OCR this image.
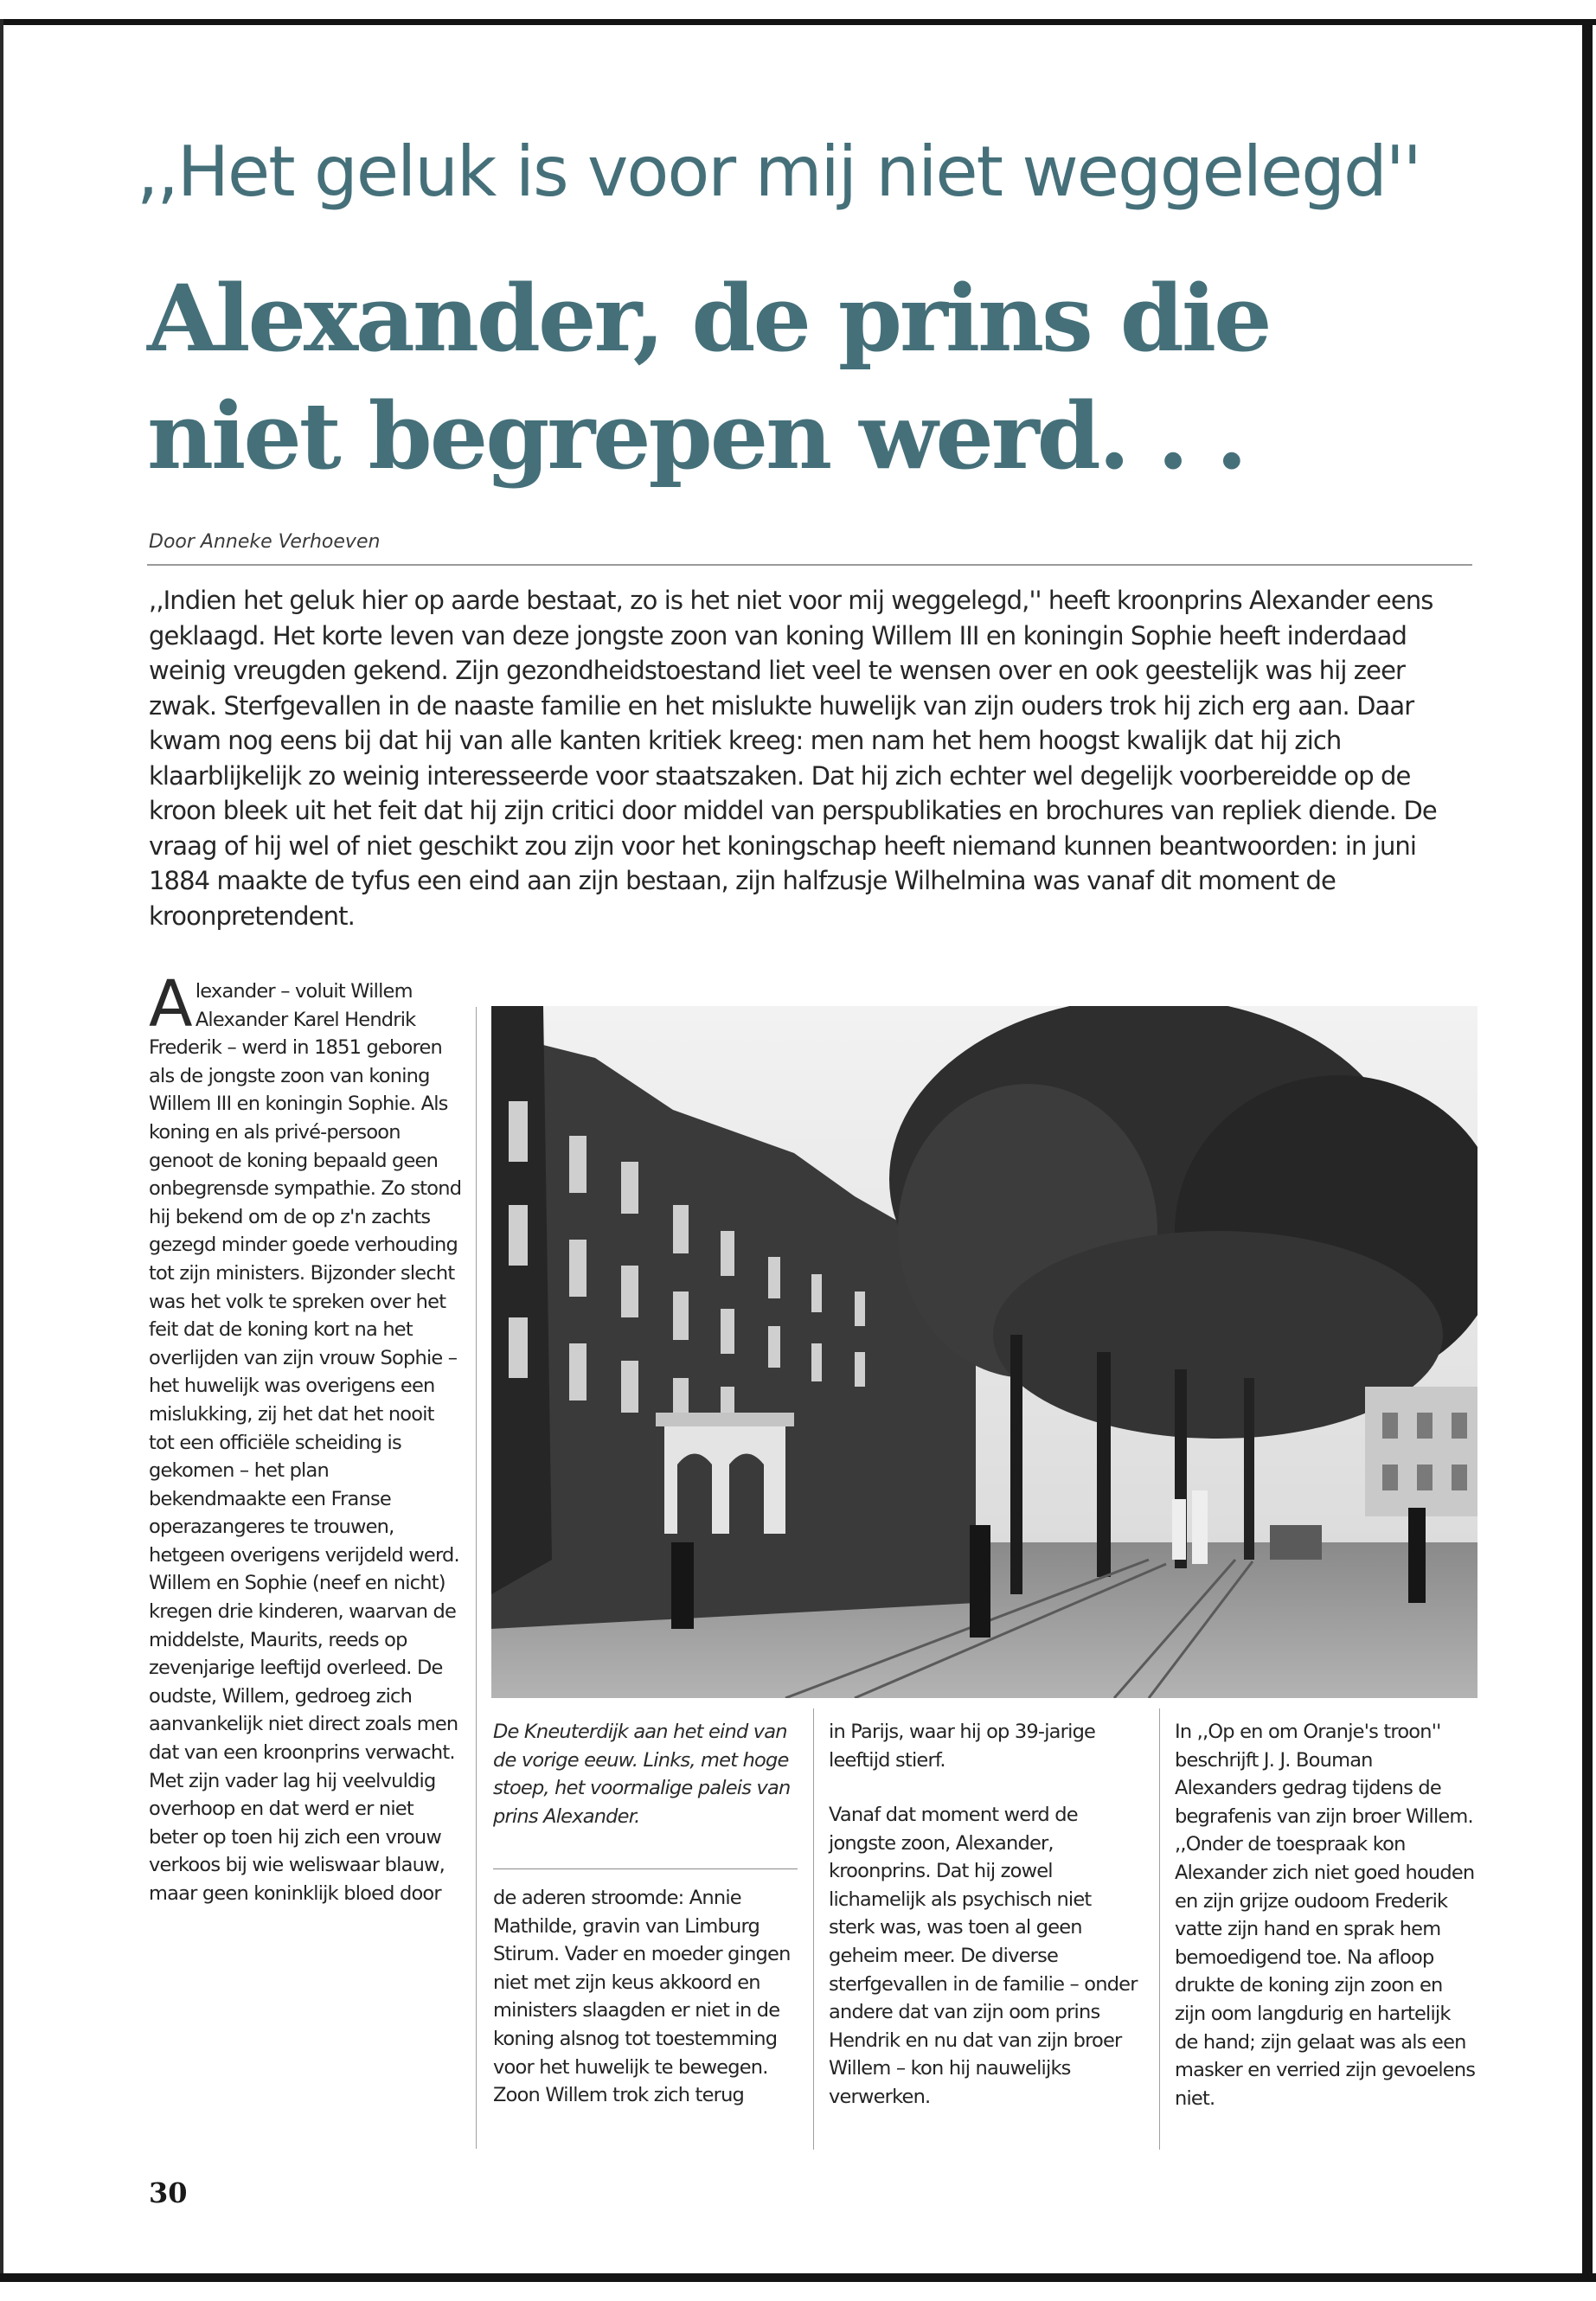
,,Het geluk is voor mij niet weggelegd''
Alexander, de prins die niet begrepen werd. . .
Door Anneke Verhoeven

,,Indien het geluk hier op aarde bestaat, zo is het niet voor mij weggelegd,'' heeft kroonprins Alexander eens geklaagd. Het korte leven van deze jongste zoon van koning Willem III en koningin Sophie heeft inderdaad weinig vreugden gekend. Zijn gezondheidstoestand liet veel te wensen over en ook geestelijk was hij zeer zwak. Sterfgevallen in de naaste familie en het mislukte huwelijk van zijn ouders trok hij zich erg aan. Daar kwam nog eens bij dat hij van alle kanten kritiek kreeg: men nam het hem hoogst kwalijk dat hij zich klaarblijkelijk zo weinig interesseerde voor staatszaken. Dat hij zich echter wel degelijk voorbereidde op de kroon bleek uit het feit dat hij zijn critici door middel van perspublikaties en brochures van repliek diende. De vraag of hij wel of niet geschikt zou zijn voor het koningschap heeft niemand kunnen beantwoorden: in juni 1884 maakte de tyfus een eind aan zijn bestaan, zijn halfzusje Wilhelmina was vanaf dit moment de kroonpretendent.

Alexander – voluit Willem Alexander Karel Hendrik Frederik – werd in 1851 geboren als de jongste zoon van koning Willem III en koningin Sophie. Als koning en als privé-persoon genoot de koning bepaald geen onbegrensde sympathie. Zo stond hij bekend om de op z'n zachts gezegd minder goede verhouding tot zijn ministers. Bijzonder slecht was het volk te spreken over het feit dat de koning kort na het overlijden van zijn vrouw Sophie – het huwelijk was overigens een mislukking, zij het dat het nooit tot een officiële scheiding is gekomen – het plan bekendmaakte een Franse operazangeres te trouwen, hetgeen overigens verijdeld werd. Willem en Sophie (neef en nicht) kregen drie kinderen, waarvan de middelste, Maurits, reeds op zevenjarige leeftijd overleed. De oudste, Willem, gedroeg zich aanvankelijk niet direct zoals men dat van een kroonprins verwacht. Met zijn vader lag hij veelvuldig overhoop en dat werd er niet beter op toen hij zich een vrouw verkoos bij wie weliswaar blauw, maar geen koninklijk bloed door

De Kneuterdijk aan het eind van de vorige eeuw. Links, met hoge stoep, het voormalige paleis van prins Alexander.

de aderen stroomde: Annie Mathilde, gravin van Limburg Stirum. Vader en moeder gingen niet met zijn keus akkoord en ministers slaagden er niet in de koning alsnog tot toestemming voor het huwelijk te bewegen. Zoon Willem trok zich terug

in Parijs, waar hij op 39-jarige leeftijd stierf.

Vanaf dat moment werd de jongste zoon, Alexander, kroonprins. Dat hij zowel lichamelijk als psychisch niet sterk was, was toen al geen geheim meer. De diverse sterfgevallen in de familie – onder andere dat van zijn oom prins Hendrik en nu dat van zijn broer Willem – kon hij nauwelijks verwerken.

In ,,Op en om Oranje's troon'' beschrijft J. J. Bouman Alexanders gedrag tijdens de begrafenis van zijn broer Willem. ,,Onder de toespraak kon Alexander zich niet goed houden en zijn grijze oudoom Frederik vatte zijn hand en sprak hem bemoedigend toe. Na afloop drukte de koning zijn zoon en zijn oom langdurig en hartelijk de hand; zijn gelaat was als een masker en verried zijn gevoelens niet.

30
